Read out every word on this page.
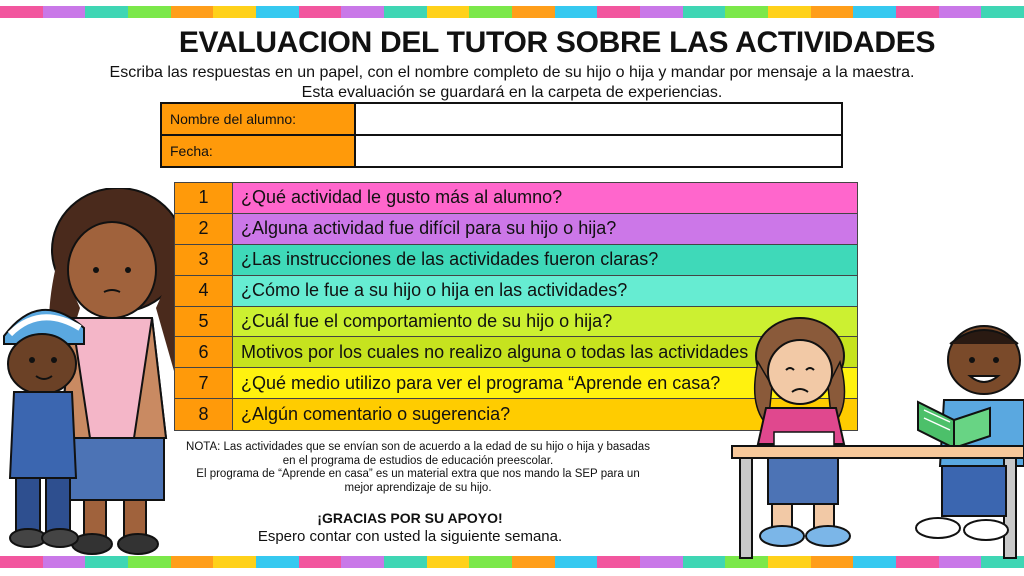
EVALUACION DEL TUTOR SOBRE LAS ACTIVIDADES
Escriba las respuestas en un papel, con el nombre completo de su hijo o hija y mandar por mensaje a la maestra.
Esta evaluación se guardará en la carpeta de experiencias.
Nombre del alumno:
Fecha:
1	¿Qué actividad le gusto más al alumno?
2	¿Alguna actividad fue difícil para su hijo o hija?
3	¿Las instrucciones de las actividades fueron claras?
4	¿Cómo le fue a su hijo o hija en las actividades?
5	¿Cuál fue el comportamiento de su hijo o hija?
6	Motivos por los cuales no realizo alguna o todas las actividades
7	¿Qué medio utilizo para ver el programa “Aprende en casa?
8	¿Algún comentario o sugerencia?
NOTA: Las actividades que se envían son de acuerdo a la edad de su hijo o hija y basadas
en el programa de estudios de educación preescolar.
El programa de “Aprende en casa” es un material extra que nos mando la SEP para un
mejor aprendizaje de su hijo.
¡GRACIAS POR SU APOYO!
Espero contar con usted la siguiente semana.
